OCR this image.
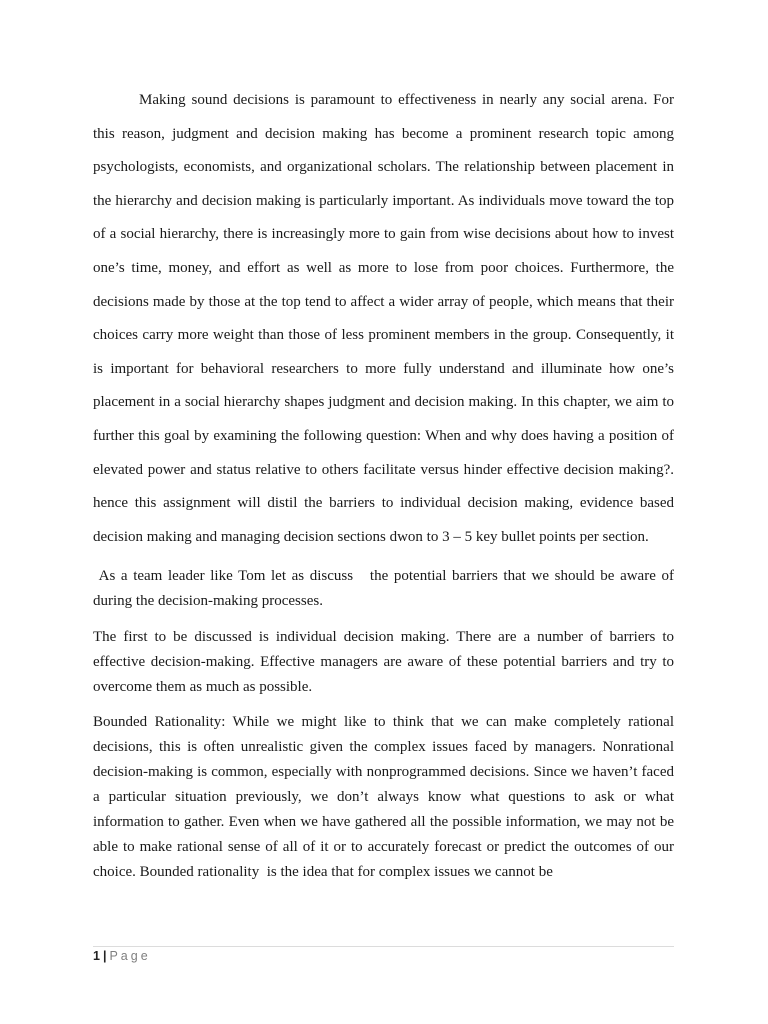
Making sound decisions is paramount to effectiveness in nearly any social arena. For this reason, judgment and decision making has become a prominent research topic among psychologists, economists, and organizational scholars. The relationship between placement in the hierarchy and decision making is particularly important. As individuals move toward the top of a social hierarchy, there is increasingly more to gain from wise decisions about how to invest one’s time, money, and effort as well as more to lose from poor choices. Furthermore, the decisions made by those at the top tend to affect a wider array of people, which means that their choices carry more weight than those of less prominent members in the group. Consequently, it is important for behavioral researchers to more fully understand and illuminate how one’s placement in a social hierarchy shapes judgment and decision making. In this chapter, we aim to further this goal by examining the following question: When and why does having a position of elevated power and status relative to others facilitate versus hinder effective decision making?. hence this assignment will distil the barriers to individual decision making, evidence based decision making and managing decision sections dwon to 3 – 5 key bullet points per section.

As a team leader like Tom let as discuss   the potential barriers that we should be aware of during the decision-making processes.

The first to be discussed is individual decision making. There are a number of barriers to effective decision-making. Effective managers are aware of these potential barriers and try to overcome them as much as possible.

Bounded Rationality: While we might like to think that we can make completely rational decisions, this is often unrealistic given the complex issues faced by managers. Nonrational decision-making is common, especially with nonprogrammed decisions. Since we haven’t faced a particular situation previously, we don’t always know what questions to ask or what information to gather. Even when we have gathered all the possible information, we may not be able to make rational sense of all of it or to accurately forecast or predict the outcomes of our choice. Bounded rationality  is the idea that for complex issues we cannot be

1 | Page
